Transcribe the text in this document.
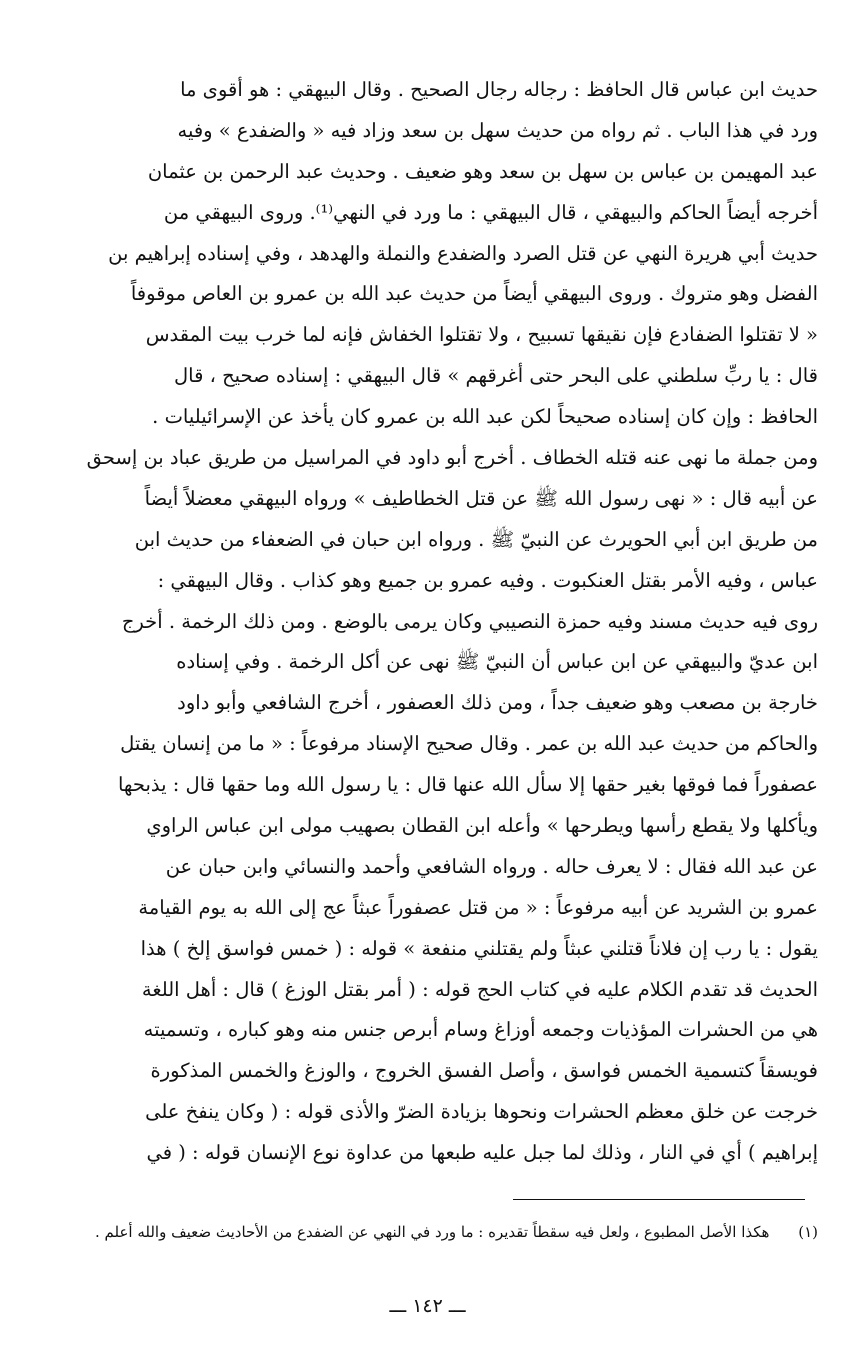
حديث ابن عباس قال الحافظ : رجاله رجال الصحيح . وقال البيهقي : هو أقوى ما
ورد في هذا الباب . ثم رواه من حديث سهل بن سعد وزاد فيه « والضفدع » وفيه
عبد المهيمن بن عباس بن سهل بن سعد وهو ضعيف . وحديث عبد الرحمن بن عثمان
أخرجه أيضاً الحاكم والبيهقي ، قال البيهقي : ما ورد في النهي⁽¹⁾. وروى البيهقي من
حديث أبي هريرة النهي عن قتل الصرد والضفدع والنملة والهدهد ، وفي إسناده إبراهيم بن
الفضل وهو متروك . وروى البيهقي أيضاً من حديث عبد الله بن عمرو بن العاص موقوفاً
« لا تقتلوا الضفادع فإن نقيقها تسبيح ، ولا تقتلوا الخفاش فإنه لما خرب بيت المقدس
قال : يا ربِّ سلطني على البحر حتى أغرقهم » قال البيهقي : إسناده صحيح ، قال
الحافظ : وإن كان إسناده صحيحاً لكن عبد الله بن عمرو كان يأخذ عن الإسرائيليات .
ومن جملة ما نهى عنه قتله الخطاف . أخرج أبو داود في المراسيل من طريق عباد بن إسحق
عن أبيه قال : « نهى رسول الله ﷺ عن قتل الخطاطيف » ورواه البيهقي معضلاً أيضاً
من طريق ابن أبي الحويرث عن النبيّ ﷺ . ورواه ابن حبان في الضعفاء من حديث ابن
عباس ، وفيه الأمر بقتل العنكبوت . وفيه عمرو بن جميع وهو كذاب . وقال البيهقي :
روى فيه حديث مسند وفيه حمزة النصيبي وكان يرمى بالوضع . ومن ذلك الرخمة . أخرج
ابن عديّ والبيهقي عن ابن عباس أن النبيّ ﷺ نهى عن أكل الرخمة . وفي إسناده
خارجة بن مصعب وهو ضعيف جداً ، ومن ذلك العصفور ، أخرج الشافعي وأبو داود
والحاكم من حديث عبد الله بن عمر . وقال صحيح الإسناد مرفوعاً : « ما من إنسان يقتل
عصفوراً فما فوقها بغير حقها إلا سأل الله عنها قال : يا رسول الله وما حقها قال : يذبحها
ويأكلها ولا يقطع رأسها ويطرحها » وأعله ابن القطان بصهيب مولى ابن عباس الراوي
عن عبد الله فقال : لا يعرف حاله . ورواه الشافعي وأحمد والنسائي وابن حبان عن
عمرو بن الشريد عن أبيه مرفوعاً : « من قتل عصفوراً عبثاً عج إلى الله به يوم القيامة
يقول : يا رب إن فلاناً قتلني عبثاً ولم يقتلني منفعة » قوله : ( خمس فواسق إلخ ) هذا
الحديث قد تقدم الكلام عليه في كتاب الحج قوله : ( أمر بقتل الوزغ ) قال : أهل اللغة
هي من الحشرات المؤذيات وجمعه أوزاغ وسام أبرص جنس منه وهو كباره ، وتسميته
فويسقاً كتسمية الخمس فواسق ، وأصل الفسق الخروج ، والوزغ والخمس المذكورة
خرجت عن خلق معظم الحشرات ونحوها بزيادة الضرّ والأذى قوله : ( وكان ينفخ على
إبراهيم ) أي في النار ، وذلك لما جبل عليه طبعها من عداوة نوع الإنسان قوله : ( في
(١) هكذا الأصل المطبوع ، ولعل فيه سقطاً تقديره : ما ورد في النهي عن الضفدع من الأحاديث ضعيف والله أعلم .
ـــ ١٤٢ ـــ
